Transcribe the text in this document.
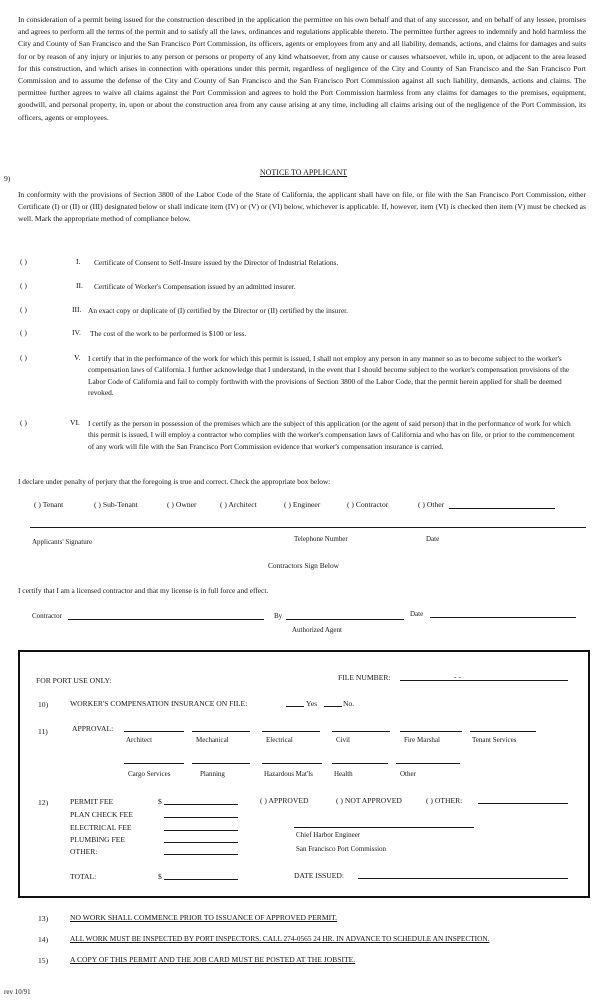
In consideration of a permit being issued for the construction described in the application the permittee on his own behalf and that of any successor, and on behalf of any lessee, promises and agrees to perform all the terms of the permit and to satisfy all the laws, ordinances and regulations applicable thereto. The permittee further agrees to indemnify and hold harmless the City and County of San Francisco and the San Francisco Port Commission, its officers, agents or employees from any and all liability, demands, actions, and claims for damages and suits for or by reason of any injury or injuries to any person or persons or property of any kind whatsoever, from any cause or causes whatsoever, while in, upon, or adjacent to the area leased for this construction, and which arises in connection with operations under this permit, regardless of negligence of the City and County of San Francisco and the San Francisco Port Commission and to assume the defense of the City and County of San Francisco and the San Francisco Port Commission against all such liability, demands, actions and claims. The permittee further agrees to waive all claims against the Port Commission and agrees to hold the Port Commission harmless from any claims for damages to the premises, equipment, goodwill, and personal property, in, upon or about the construction area from any cause arising at any time, including all claims arising out of the negligence of the Port Commission, its officers, agents or employees.
9)
NOTICE TO APPLICANT
In conformity with the provisions of Section 3800 of the Labor Code of the State of California, the applicant shall have on file, or file with the San Francisco Port Commission, either Certificate (I) or (II) or (III) designated below or shall indicate item (IV) or (V) or (VI) below, whichever is applicable. If, however, item (VI) is checked then item (V) must be checked as well. Mark the appropriate method of compliance below.
( )	I. Certificate of Consent to Self-Insure issued by the Director of Industrial Relations.
( )	II. Certificate of Worker's Compensation issued by an admitted insurer.
( )	III. An exact copy or duplicate of (I) certified by the Director or (II) certified by the insurer.
( )	IV. The cost of the work to be performed is $100 or less.
( )	V. I certify that in the performance of the work for which this permit is issued, I shall not employ any person in any manner so as to become subject to the worker's compensation laws of California. I further acknowledge that I understand, in the event that I should become subject to the worker's compensation provisions of the Labor Code of California and fail to comply forthwith with the provisions of Section 3800 of the Labor Code, that the permit herein applied for shall be deemed revoked.
( )	VI. I certify as the person in possession of the premises which are the subject of this application (or the agent of said person) that in the performance of work for which this permit is issued, I will employ a contractor who complies with the worker's compensation laws of California and who has on file, or prior to the commencement of any work will file with the San Francisco Port Commission evidence that worker's compensation insurance is carried.
I declare under penalty of perjury that the foregoing is true and correct. Check the appropriate box below:
( ) Tenant	( ) Sub-Tenant	( ) Owner	( ) Architect	( ) Engineer	( ) Contractor	( ) Other
Applicants' Signature	Telephone Number	Date
Contractors Sign Below
I certify that I am a licensed contractor and that my license is in full force and effect.
Contractor	By	Date
Authorized Agent
FOR PORT USE ONLY:	FILE NUMBER:	- -
10)	WORKER'S COMPENSATION INSURANCE ON FILE:	Yes	No.
11)	APPROVAL:
Architect	Mechanical	Electrical	Civil	Fire Marshal	Tenant Services
Cargo Services	Planning	Hazardous Mat'ls	Health	Other
12)	PERMIT FEE	$
PLAN CHECK FEE
ELECTRICAL FEE
PLUMBING FEE
OTHER:
( ) APPROVED	( ) NOT APPROVED	( ) OTHER:
Chief Harbor Engineer
San Francisco Port Commission
TOTAL:	$	DATE ISSUED:
13)	NO WORK SHALL COMMENCE PRIOR TO ISSUANCE OF APPROVED PERMIT.
14)	ALL WORK MUST BE INSPECTED BY PORT INSPECTORS. CALL 274-0565 24 HR. IN ADVANCE TO SCHEDULE AN INSPECTION.
15)	A COPY OF THIS PERMIT AND THE JOB CARD MUST BE POSTED AT THE JOBSITE.
rev 10/91
